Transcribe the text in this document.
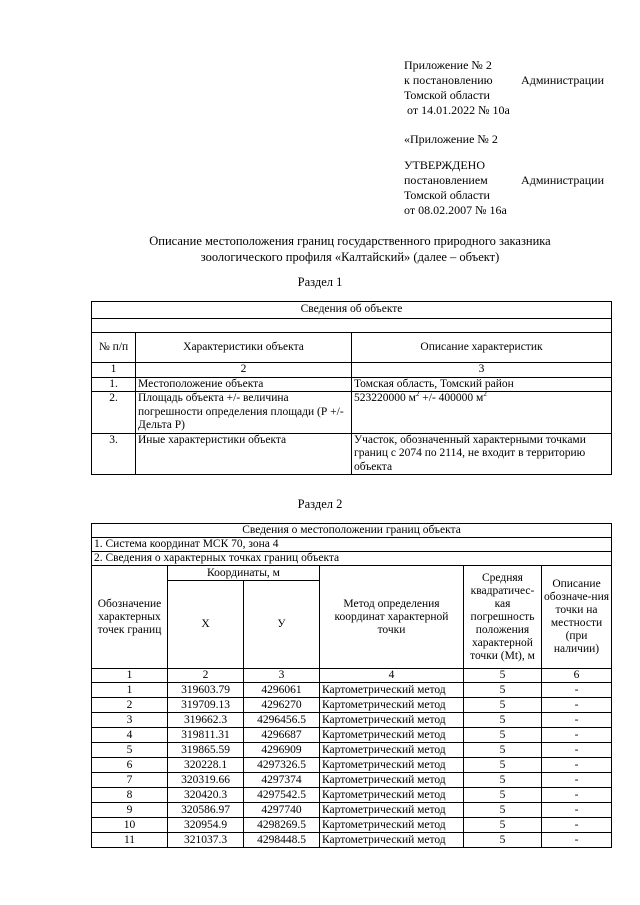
Приложение № 2

к постановлению Администрации

Томской области

от 14.01.2022 № 10а

«Приложение № 2

УТВЕРЖДЕНО

постановлением	Администрации

Томской области

от 08.02.2007 № 16а

Описание местоположения границ государственного природного заказника
зоологического профиля «Калтайский» (далее – объект)
Раздел 1
Сведения об объекте		

№ п/п	Характеристики объекта	Описание характеристик
1	2	3
1.	Местоположение объекта	Томская область, Томский район
2.	Площадь объекта +/- величина погрешности определения площади (Р +/- Дельта Р)	523220000 $м^2$ +/- 400000 $м^2$
3.	Иные характеристики объекта	Участок, обозначенный характерными точками границ с 2074 по 2114, не входит в территорию объекта
Раздел 2
Сведения о местоположении границ объекта					
1. Система координат МСК 70, зона 4					
2. Сведения о характерных точках границ объекта					
Обозначение характерных точек границ	Координаты, м		Метод определения координат характерной точки	Средняя квадратичес-кая погрешность положения характерной точки (Mt), м	Описание обозначе-ния точки на местности (при наличии)
	Х	У			
1	2	3	4	5	6
1	319603.79	4296061	Картометрический метод	5	-
2	319709.13	4296270	Картометрический метод	5	-
3	319662.3	4296456.5	Картометрический метод	5	-
4	319811.31	4296687	Картометрический метод	5	-
5	319865.59	4296909	Картометрический метод	5	-
6	320228.1	4297326.5	Картометрический метод	5	-
7	320319.66	4297374	Картометрический метод	5	-
8	320420.3	4297542.5	Картометрический метод	5	-
9	320586.97	4297740	Картометрический метод	5	-
10	320954.9	4298269.5	Картометрический метод	5	-
11	321037.3	4298448.5	Картометрический метод	5	-
